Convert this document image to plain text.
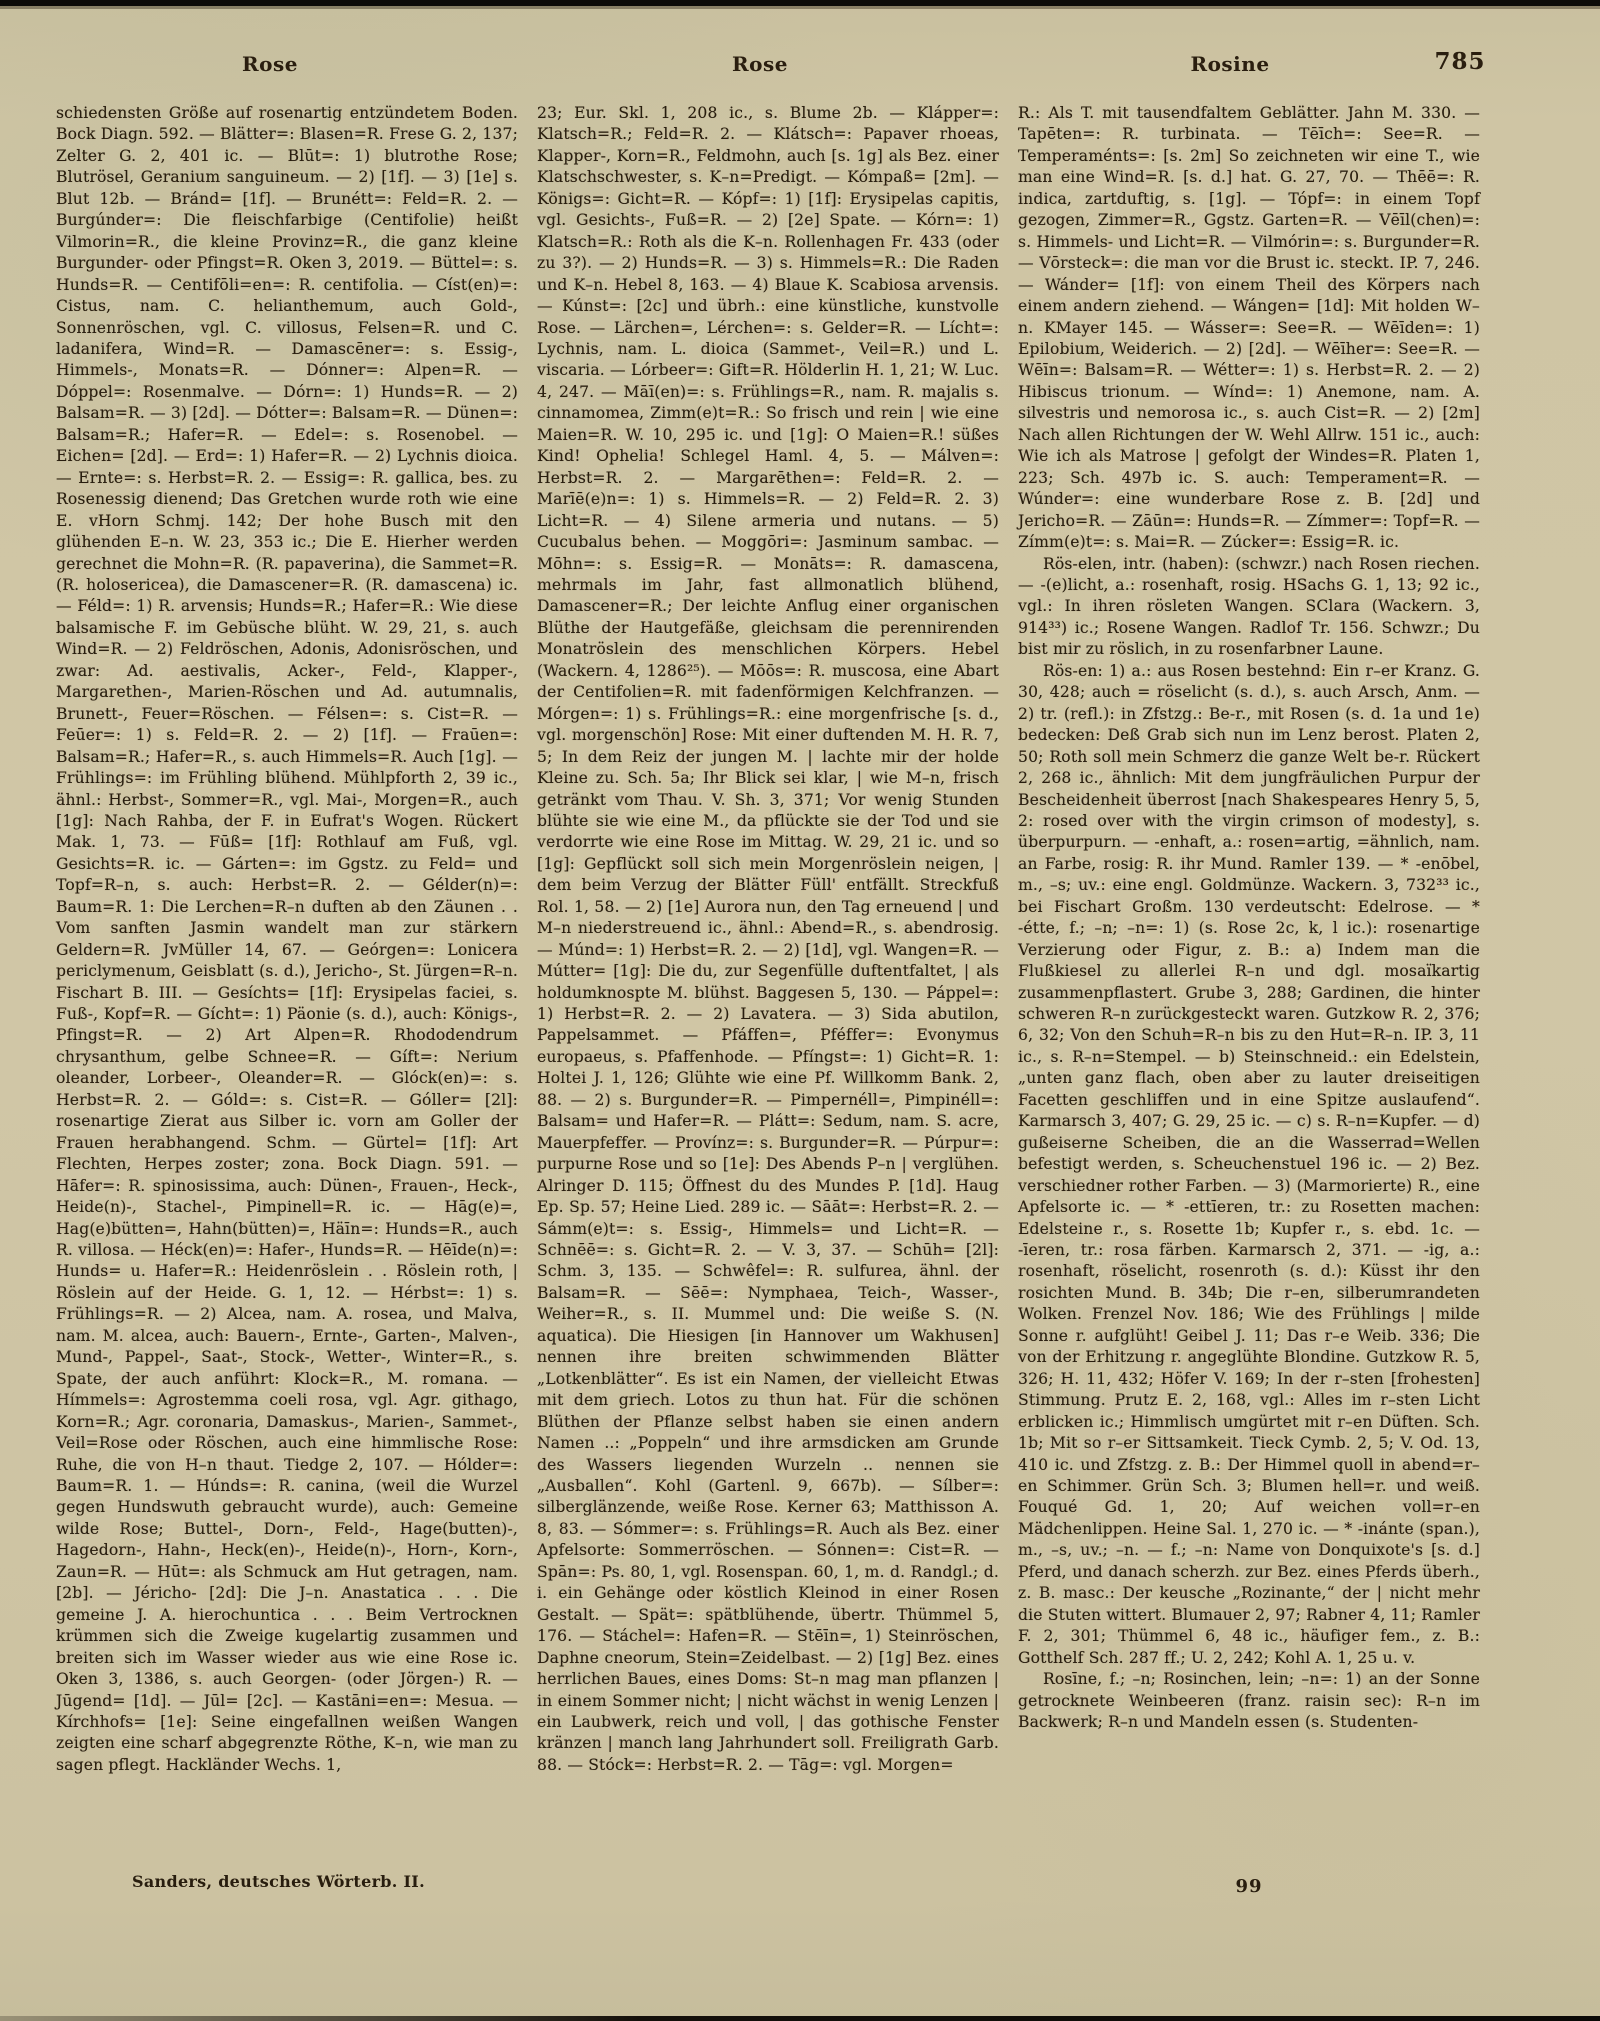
Rose	Rose	Rosine	785

schiedensten Größe auf rosenartig entzündetem Boden. Bock Diagn. 592. — Blätter=: Blasen=R. Frese G. 2, 137; Zelter G. 2, 401 ic. — Blūt=: 1) blutrothe Rose; Blutrösel, Geranium sanguineum. — 2) [1f]. — 3) [1e] s. Blut 12b. — Bránd= [1f]. — Brunétt=: Feld=R. 2. — Burgúnder=: Die fleischfarbige (Centifolie) heißt Vilmorin=R., die kleine Provinz=R., die ganz kleine Burgunder- oder Pfingst=R. Oken 3, 2019. — Büttel=: s. Hunds=R. — Centifōli=en=: R. centifolia. — Císt(en)=: Cistus, nam. C. helianthemum, auch Gold-, Sonnenröschen, vgl. C. villosus, Felsen=R. und C. ladanifera, Wind=R. — Damascēner=: s. Essig-, Himmels-, Monats=R. — Dónner=: Alpen=R. — Dóppel=: Rosenmalve. — Dórn=: 1) Hunds=R. — 2) Balsam=R. — 3) [2d]. — Dótter=: Balsam=R. — Dünen=: Balsam=R.; Hafer=R. — Edel=: s. Rosenobel. — Eichen= [2d]. — Erd=: 1) Hafer=R. — 2) Lychnis dioica. — Ernte=: s. Herbst=R. 2. — Essig=: R. gallica, bes. zu Rosenessig dienend; Das Gretchen wurde roth wie eine E. vHorn Schmj. 142; Der hohe Busch mit den glühenden E–n. W. 23, 353 ic.; Die E. Hierher werden gerechnet die Mohn=R. (R. papaverina), die Sammet=R. (R. holosericea), die Damascener=R. (R. damascena) ic. — Féld=: 1) R. arvensis; Hunds=R.; Hafer=R.: Wie diese balsamische F. im Gebüsche blüht. W. 29, 21, s. auch Wind=R. — 2) Feldröschen, Adonis, Adonisröschen, und zwar: Ad. aestivalis, Acker-, Feld-, Klapper-, Margarethen-, Marien-Röschen und Ad. autumnalis, Brunett-, Feuer=Röschen. — Félsen=: s. Cist=R. — Feūer=: 1) s. Feld=R. 2. — 2) [1f]. — Fraūen=: Balsam=R.; Hafer=R., s. auch Himmels=R. Auch [1g]. — Frühlings=: im Frühling blühend. Mühlpforth 2, 39 ic., ähnl.: Herbst-, Sommer=R., vgl. Mai-, Morgen=R., auch [1g]: Nach Rahba, der F. in Eufrat's Wogen. Rückert Mak. 1, 73. — Fūß= [1f]: Rothlauf am Fuß, vgl. Gesichts=R. ic. — Gárten=: im Ggstz. zu Feld= und Topf=R–n, s. auch: Herbst=R. 2. — Gélder(n)=: Baum=R. 1: Die Lerchen=R–n duften ab den Zäunen . . Vom sanften Jasmin wandelt man zur stärkern Geldern=R. JvMüller 14, 67. — Geórgen=: Lonicera periclymenum, Geisblatt (s. d.), Jericho-, St. Jürgen=R–n. Fischart B. III. — Gesíchts= [1f]: Erysipelas faciei, s. Fuß-, Kopf=R. — Gícht=: 1) Päonie (s. d.), auch: Königs-, Pfingst=R. — 2) Art Alpen=R. Rhododendrum chrysanthum, gelbe Schnee=R. — Gíft=: Nerium oleander, Lorbeer-, Oleander=R. — Glóck(en)=: s. Herbst=R. 2. — Góld=: s. Cist=R. — Góller= [2l]: rosenartige Zierat aus Silber ic. vorn am Goller der Frauen herabhangend. Schm. — Gürtel= [1f]: Art Flechten, Herpes zoster; zona. Bock Diagn. 591. — Hāfer=: R. spinosissima, auch: Dünen-, Frauen-, Heck-, Heide(n)-, Stachel-, Pimpinell=R. ic. — Hāg(e)=, Hag(e)bütten=, Hahn(bütten)=, Häīn=: Hunds=R., auch R. villosa. — Héck(en)=: Hafer-, Hunds=R. — Hēīde(n)=: Hunds= u. Hafer=R.: Heidenröslein . . Röslein roth, | Röslein auf der Heide. G. 1, 12. — Hérbst=: 1) s. Frühlings=R. — 2) Alcea, nam. A. rosea, und Malva, nam. M. alcea, auch: Bauern-, Ernte-, Garten-, Malven-, Mund-, Pappel-, Saat-, Stock-, Wetter-, Winter=R., s. Spate, der auch anführt: Klock=R., M. romana. — Hímmels=: Agrostemma coeli rosa, vgl. Agr. githago, Korn=R.; Agr. coronaria, Damaskus-, Marien-, Sammet-, Veil=Rose oder Röschen, auch eine himmlische Rose: Ruhe, die von H–n thaut. Tiedge 2, 107. — Hólder=: Baum=R. 1. — Húnds=: R. canina, (weil die Wurzel gegen Hundswuth gebraucht wurde), auch: Gemeine wilde Rose; Buttel-, Dorn-, Feld-, Hage(butten)-, Hagedorn-, Hahn-, Heck(en)-, Heide(n)-, Horn-, Korn-, Zaun=R. — Hūt=: als Schmuck am Hut getragen, nam. [2b]. — Jéricho- [2d]: Die J–n. Anastatica . . . Die gemeine J. A. hierochuntica . . . Beim Vertrocknen krümmen sich die Zweige kugelartig zusammen und breiten sich im Wasser wieder aus wie eine Rose ic. Oken 3, 1386, s. auch Georgen- (oder Jörgen-) R. — Jūgend= [1d]. — Jūl= [2c]. — Kastāni=en=: Mesua. — Kírchhofs= [1e]: Seine eingefallnen weißen Wangen zeigten eine scharf abgegrenzte Röthe, K–n, wie man zu sagen pflegt. Hackländer Wechs. 1,

23; Eur. Skl. 1, 208 ic., s. Blume 2b. — Klápper=: Klatsch=R.; Feld=R. 2. — Klátsch=: Papaver rhoeas, Klapper-, Korn=R., Feldmohn, auch [s. 1g] als Bez. einer Klatschschwester, s. K–n=Predigt. — Kómpaß= [2m]. — Königs=: Gicht=R. — Kópf=: 1) [1f]: Erysipelas capitis, vgl. Gesichts-, Fuß=R. — 2) [2e] Spate. — Kórn=: 1) Klatsch=R.: Roth als die K–n. Rollenhagen Fr. 433 (oder zu 3?). — 2) Hunds=R. — 3) s. Himmels=R.: Die Raden und K–n. Hebel 8, 163. — 4) Blaue K. Scabiosa arvensis. — Kúnst=: [2c] und übrh.: eine künstliche, kunstvolle Rose. — Lärchen=, Lérchen=: s. Gelder=R. — Lícht=: Lychnis, nam. L. dioica (Sammet-, Veil=R.) und L. viscaria. — Lórbeer=: Gift=R. Hölderlin H. 1, 21; W. Luc. 4, 247. — Māī(en)=: s. Frühlings=R., nam. R. majalis s. cinnamomea, Zimm(e)t=R.: So frisch und rein | wie eine Maien=R. W. 10, 295 ic. und [1g]: O Maien=R.! süßes Kind! Ophelia! Schlegel Haml. 4, 5. — Málven=: Herbst=R. 2. — Margarēthen=: Feld=R. 2. — Marīē(e)n=: 1) s. Himmels=R. — 2) Feld=R. 2. 3) Licht=R. — 4) Silene armeria und nutans. — 5) Cucubalus behen. — Moggōri=: Jasminum sambac. — Mōhn=: s. Essig=R. — Monāts=: R. damascena, mehrmals im Jahr, fast allmonatlich blühend, Damascener=R.; Der leichte Anflug einer organischen Blüthe der Hautgefäße, gleichsam die perennirenden Monatröslein des menschlichen Körpers. Hebel (Wackern. 4, 1286²⁵). — Mōōs=: R. muscosa, eine Abart der Centifolien=R. mit fadenförmigen Kelchfranzen. — Mórgen=: 1) s. Frühlings=R.: eine morgenfrische [s. d., vgl. morgenschön] Rose: Mit einer duftenden M. H. R. 7, 5; In dem Reiz der jungen M. | lachte mir der holde Kleine zu. Sch. 5a; Ihr Blick sei klar, | wie M–n, frisch getränkt vom Thau. V. Sh. 3, 371; Vor wenig Stunden blühte sie wie eine M., da pflückte sie der Tod und sie verdorrte wie eine Rose im Mittag. W. 29, 21 ic. und so [1g]: Gepflückt soll sich mein Morgenröslein neigen, | dem beim Verzug der Blätter Füll' entfällt. Streckfuß Rol. 1, 58. — 2) [1e] Aurora nun, den Tag erneuend | und M–n niederstreuend ic., ähnl.: Abend=R., s. abendrosig. — Múnd=: 1) Herbst=R. 2. — 2) [1d], vgl. Wangen=R. — Mútter= [1g]: Die du, zur Segenfülle duftentfaltet, | als holdumknospte M. blühst. Baggesen 5, 130. — Páppel=: 1) Herbst=R. 2. — 2) Lavatera. — 3) Sida abutilon, Pappelsammet. — Pfáffen=, Pféffer=: Evonymus europaeus, s. Pfaffenhode. — Pfíngst=: 1) Gicht=R. 1: Holtei J. 1, 126; Glühte wie eine Pf. Willkomm Bank. 2, 88. — 2) s. Burgunder=R. — Pimpernéll=, Pimpinéll=: Balsam= und Hafer=R. — Plátt=: Sedum, nam. S. acre, Mauerpfeffer. — Provínz=: s. Burgunder=R. — Púrpur=: purpurne Rose und so [1e]: Des Abends P–n | verglühen. Alringer D. 115; Öffnest du des Mundes P. [1d]. Haug Ep. Sp. 57; Heine Lied. 289 ic. — Sāāt=: Herbst=R. 2. — Sámm(e)t=: s. Essig-, Himmels= und Licht=R. — Schnēē=: s. Gicht=R. 2. — V. 3, 37. — Schūh= [2l]: Schm. 3, 135. — Schwêfel=: R. sulfurea, ähnl. der Balsam=R. — Sēē=: Nymphaea, Teich-, Wasser-, Weiher=R., s. II. Mummel und: Die weiße S. (N. aquatica). Die Hiesigen [in Hannover um Wakhusen] nennen ihre breiten schwimmenden Blätter „Lotkenblätter“. Es ist ein Namen, der vielleicht Etwas mit dem griech. Lotos zu thun hat. Für die schönen Blüthen der Pflanze selbst haben sie einen andern Namen ..: „Poppeln“ und ihre armsdicken am Grunde des Wassers liegenden Wurzeln .. nennen sie „Ausballen“. Kohl (Gartenl. 9, 667b). — Sílber=: silberglänzende, weiße Rose. Kerner 63; Matthisson A. 8, 83. — Sómmer=: s. Frühlings=R. Auch als Bez. einer Apfelsorte: Sommerröschen. — Sónnen=: Cist=R. — Spān=: Ps. 80, 1, vgl. Rosenspan. 60, 1, m. d. Randgl.; d. i. ein Gehänge oder köstlich Kleinod in einer Rosen Gestalt. — Spät=: spätblühende, übertr. Thümmel 5, 176. — Stáchel=: Hafen=R. — Stēīn=, 1) Steinröschen, Daphne cneorum, Stein=Zeidelbast. — 2) [1g] Bez. eines herrlichen Baues, eines Doms: St–n mag man pflanzen | in einem Sommer nicht; | nicht wächst in wenig Lenzen | ein Laubwerk, reich und voll, | das gothische Fenster kränzen | manch lang Jahrhundert soll. Freiligrath Garb. 88. — Stóck=: Herbst=R. 2. — Tāg=: vgl. Morgen=

R.: Als T. mit tausendfaltem Geblätter. Jahn M. 330. — Tapēten=: R. turbinata. — Tēīch=: See=R. — Temperaménts=: [s. 2m] So zeichneten wir eine T., wie man eine Wind=R. [s. d.] hat. G. 27, 70. — Thēē=: R. indica, zartduftig, s. [1g]. — Tópf=: in einem Topf gezogen, Zimmer=R., Ggstz. Garten=R. — Vēīl(chen)=: s. Himmels- und Licht=R. — Vilmórin=: s. Burgunder=R. — Vōrsteck=: die man vor die Brust ic. steckt. IP. 7, 246. — Wánder= [1f]: von einem Theil des Körpers nach einem andern ziehend. — Wángen= [1d]: Mit holden W–n. KMayer 145. — Wásser=: See=R. — Wēīden=: 1) Epilobium, Weiderich. — 2) [2d]. — Wēīher=: See=R. — Wēīn=: Balsam=R. — Wétter=: 1) s. Herbst=R. 2. — 2) Hibiscus trionum. — Wínd=: 1) Anemone, nam. A. silvestris und nemorosa ic., s. auch Cist=R. — 2) [2m] Nach allen Richtungen der W. Wehl Allrw. 151 ic., auch: Wie ich als Matrose | gefolgt der Windes=R. Platen 1, 223; Sch. 497b ic. S. auch: Temperament=R. — Wúnder=: eine wunderbare Rose z. B. [2d] und Jericho=R. — Zāūn=: Hunds=R. — Zímmer=: Topf=R. — Zímm(e)t=: s. Mai=R. — Zúcker=: Essig=R. ic.

Rös-elen, intr. (haben): (schwzr.) nach Rosen riechen. — -(e)licht, a.: rosenhaft, rosig. HSachs G. 1, 13; 92 ic., vgl.: In ihren rösleten Wangen. SClara (Wackern. 3, 914³³) ic.; Rosene Wangen. Radlof Tr. 156. Schwzr.; Du bist mir zu röslich, in zu rosenfarbner Laune.

Rös-en: 1) a.: aus Rosen bestehnd: Ein r–er Kranz. G. 30, 428; auch = röselicht (s. d.), s. auch Arsch, Anm. — 2) tr. (refl.): in Zfstzg.: Be-r., mit Rosen (s. d. 1a und 1e) bedecken: Deß Grab sich nun im Lenz berost. Platen 2, 50; Roth soll mein Schmerz die ganze Welt be-r. Rückert 2, 268 ic., ähnlich: Mit dem jungfräulichen Purpur der Bescheidenheit überrost [nach Shakespeares Henry 5, 5, 2: rosed over with the virgin crimson of modesty], s. überpurpurn. — -enhaft, a.: rosen=artig, =ähnlich, nam. an Farbe, rosig: R. ihr Mund. Ramler 139. — * -enōbel, m., –s; uv.: eine engl. Goldmünze. Wackern. 3, 732³³ ic., bei Fischart Großm. 130 verdeutscht: Edelrose. — * -étte, f.; –n; –n=: 1) (s. Rose 2c, k, l ic.): rosenartige Verzierung oder Figur, z. B.: a) Indem man die Flußkiesel zu allerlei R–n und dgl. mosaïkartig zusammenpflastert. Grube 3, 288; Gardinen, die hinter schweren R–n zurückgesteckt waren. Gutzkow R. 2, 376; 6, 32; Von den Schuh=R–n bis zu den Hut=R–n. IP. 3, 11 ic., s. R–n=Stempel. — b) Steinschneid.: ein Edelstein, „unten ganz flach, oben aber zu lauter dreiseitigen Facetten geschliffen und in eine Spitze auslaufend“. Karmarsch 3, 407; G. 29, 25 ic. — c) s. R–n=Kupfer. — d) gußeiserne Scheiben, die an die Wasserrad=Wellen befestigt werden, s. Scheuchenstuel 196 ic. — 2) Bez. verschiedner rother Farben. — 3) (Marmorierte) R., eine Apfelsorte ic. — * -ettīeren, tr.: zu Rosetten machen: Edelsteine r., s. Rosette 1b; Kupfer r., s. ebd. 1c. — -īeren, tr.: rosa färben. Karmarsch 2, 371. — -ig, a.: rosenhaft, röselicht, rosenroth (s. d.): Küsst ihr den rosichten Mund. B. 34b; Die r–en, silberumrandeten Wolken. Frenzel Nov. 186; Wie des Frühlings | milde Sonne r. aufglüht! Geibel J. 11; Das r–e Weib. 336; Die von der Erhitzung r. angeglühte Blondine. Gutzkow R. 5, 326; H. 11, 432; Höfer V. 169; In der r–sten [frohesten] Stimmung. Prutz E. 2, 168, vgl.: Alles im r–sten Licht erblicken ic.; Himmlisch umgürtet mit r–en Düften. Sch. 1b; Mit so r–er Sittsamkeit. Tieck Cymb. 2, 5; V. Od. 13, 410 ic. und Zfstzg. z. B.: Der Himmel quoll in abend=r–en Schimmer. Grün Sch. 3; Blumen hell=r. und weiß. Fouqué Gd. 1, 20; Auf weichen voll=r–en Mädchenlippen. Heine Sal. 1, 270 ic. — * -inánte (span.), m., –s, uv.; –n. — f.; –n: Name von Donquixote's [s. d.] Pferd, und danach scherzh. zur Bez. eines Pferds überh., z. B. masc.: Der keusche „Rozinante,“ der | nicht mehr die Stuten wittert. Blumauer 2, 97; Rabner 4, 11; Ramler F. 2, 301; Thümmel 6, 48 ic., häufiger fem., z. B.: Gotthelf Sch. 287 ff.; U. 2, 242; Kohl A. 1, 25 u. v.

Rosīne, f.; –n; Rosinchen, lein; –n=: 1) an der Sonne getrocknete Weinbeeren (franz. raisin sec): R–n im Backwerk; R–n und Mandeln essen (s. Studenten-

Sanders, deutsches Wörterb. II.	99
